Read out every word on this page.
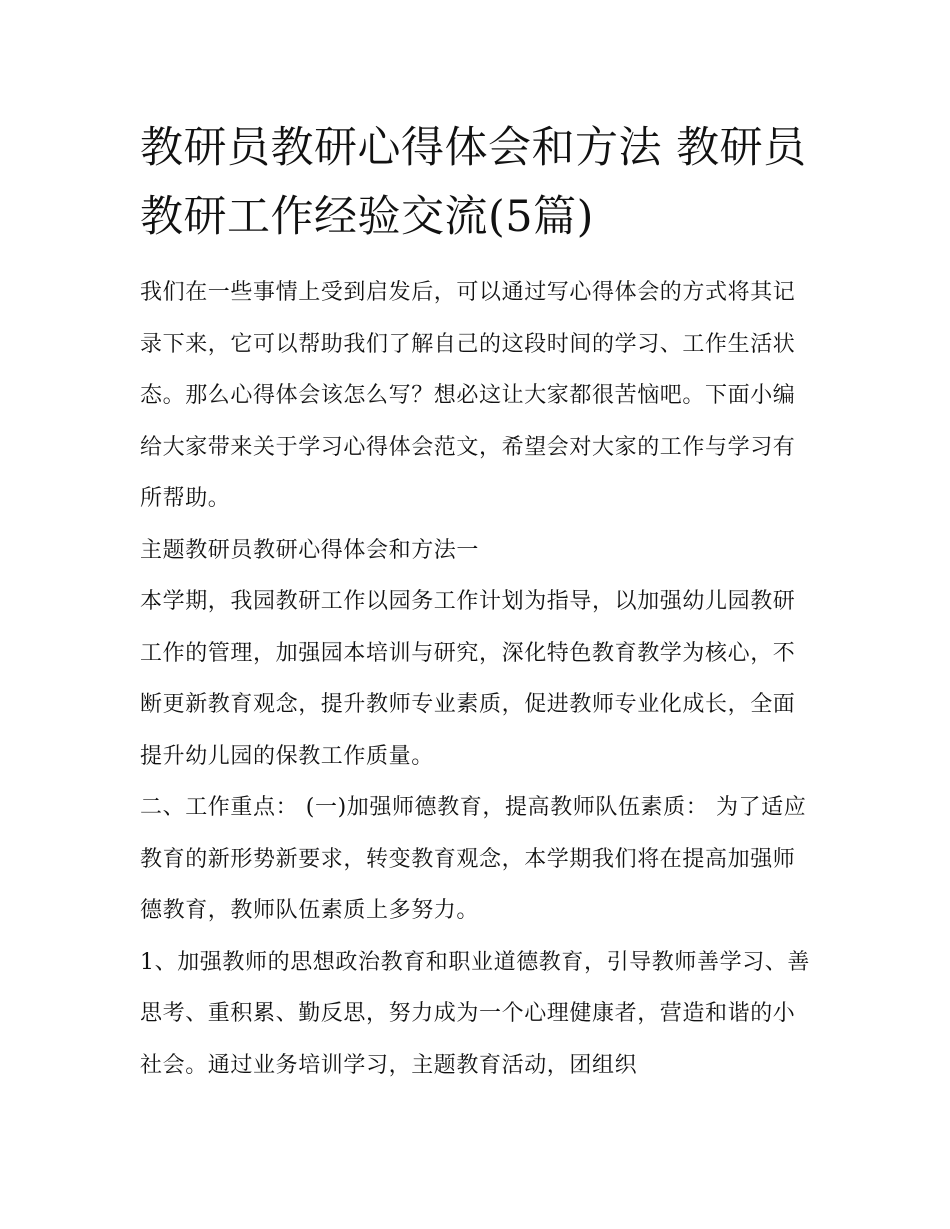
教研员教研心得体会和方法 教研员教研工作经验交流(5篇)

我们在一些事情上受到启发后，可以通过写心得体会的方式将其记录下来，它可以帮助我们了解自己的这段时间的学习、工作生活状态。那么心得体会该怎么写？想必这让大家都很苦恼吧。下面小编给大家带来关于学习心得体会范文，希望会对大家的工作与学习有所帮助。

主题教研员教研心得体会和方法一

本学期，我园教研工作以园务工作计划为指导，以加强幼儿园教研工作的管理，加强园本培训与研究，深化特色教育教学为核心，不断更新教育观念，提升教师专业素质，促进教师专业化成长，全面提升幼儿园的保教工作质量。

二、工作重点： (一)加强师德教育，提高教师队伍素质： 为了适应教育的新形势新要求，转变教育观念，本学期我们将在提高加强师德教育，教师队伍素质上多努力。

1、加强教师的思想政治教育和职业道德教育，引导教师善学习、善思考、重积累、勤反思，努力成为一个心理健康者，营造和谐的小社会。通过业务培训学习，主题教育活动，团组织
